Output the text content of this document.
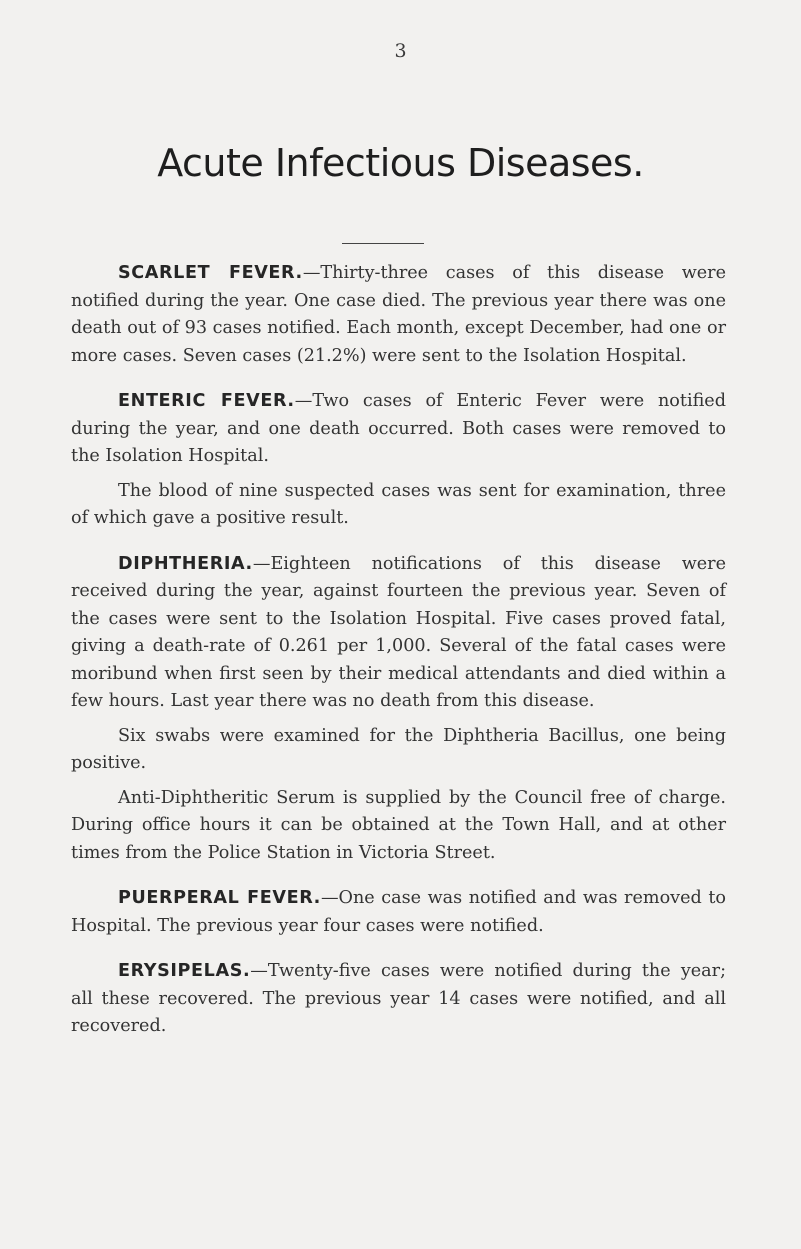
3
Acute Infectious Diseases.

SCARLET FEVER.—Thirty-three cases of this disease were notified during the year. One case died. The previous year there was one death out of 93 cases notified. Each month, except December, had one or more cases. Seven cases (21.2%) were sent to the Isolation Hospital.

ENTERIC FEVER.—Two cases of Enteric Fever were notified during the year, and one death occurred. Both cases were removed to the Isolation Hospital.

The blood of nine suspected cases was sent for examination, three of which gave a positive result.

DIPHTHERIA.—Eighteen notifications of this disease were received during the year, against fourteen the previous year. Seven of the cases were sent to the Isolation Hospital. Five cases proved fatal, giving a death-rate of 0.261 per 1,000. Several of the fatal cases were moribund when first seen by their medical attendants and died within a few hours. Last year there was no death from this disease.

Six swabs were examined for the Diphtheria Bacillus, one being positive.

Anti-Diphtheritic Serum is supplied by the Council free of charge. During office hours it can be obtained at the Town Hall, and at other times from the Police Station in Victoria Street.

PUERPERAL FEVER.—One case was notified and was removed to Hospital. The previous year four cases were notified.

ERYSIPELAS.—Twenty-five cases were notified during the year; all these recovered. The previous year 14 cases were notified, and all recovered.
